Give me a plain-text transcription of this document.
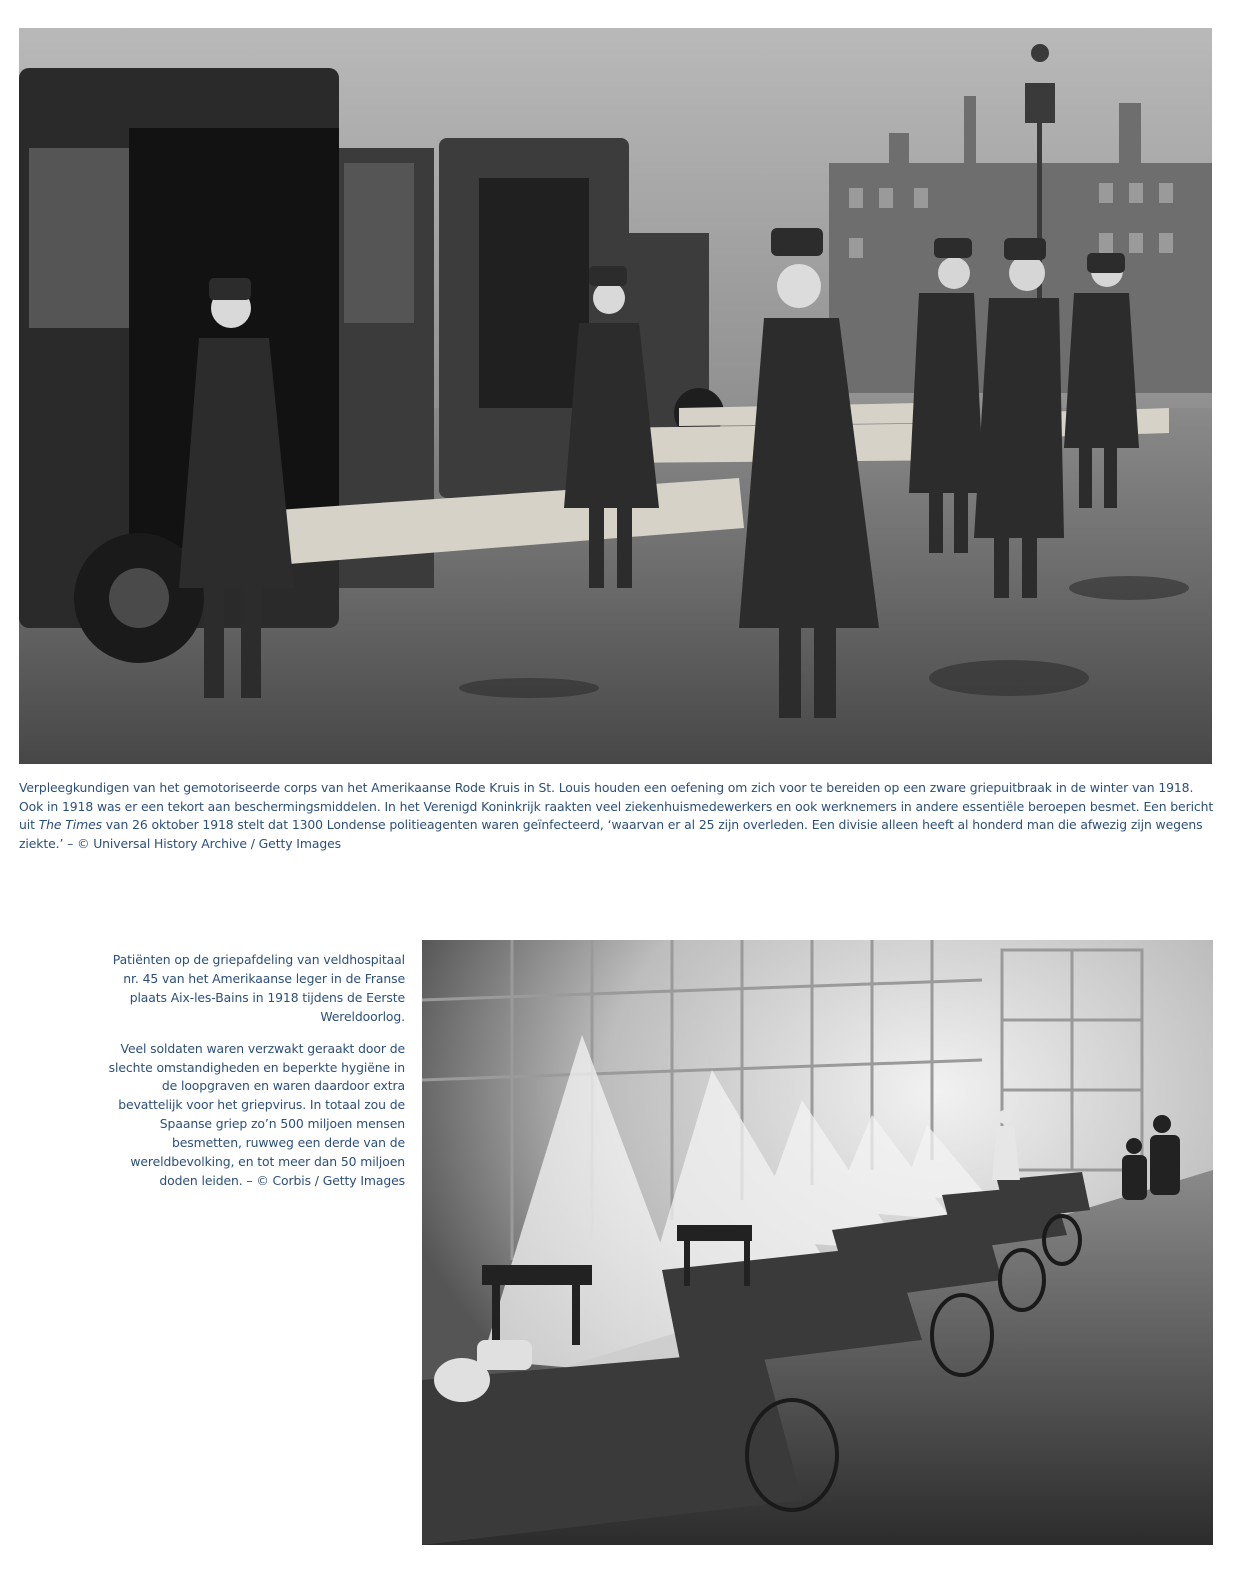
Verpleegkundigen van het gemotoriseerde corps van het Amerikaanse Rode Kruis in St. Louis houden een oefening om zich voor te bereiden op een zware griepuitbraak in de winter van 1918. Ook in 1918 was er een tekort aan beschermingsmiddelen. In het Verenigd Koninkrijk raakten veel ziekenhuismedewerkers en ook werknemers in andere essentiële beroepen besmet. Een bericht uit The Times van 26 oktober 1918 stelt dat 1300 Londense politieagenten waren geïnfecteerd, ‘waarvan er al 25 zijn overleden. Een divisie alleen heeft al honderd man die afwezig zijn wegens ziekte.’ – © Universal History Archive / Getty Images

Patiënten op de griepafdeling van veldhospitaal nr. 45 van het Amerikaanse leger in de Franse plaats Aix-les-Bains in 1918 tijdens de Eerste Wereldoorlog.

Veel soldaten waren verzwakt geraakt door de slechte omstandigheden en beperkte hygiëne in de loopgraven en waren daardoor extra bevattelijk voor het griepvirus. In totaal zou de Spaanse griep zo’n 500 miljoen mensen besmetten, ruwweg een derde van de wereldbevolking, en tot meer dan 50 miljoen doden leiden. – © Corbis / Getty Images
